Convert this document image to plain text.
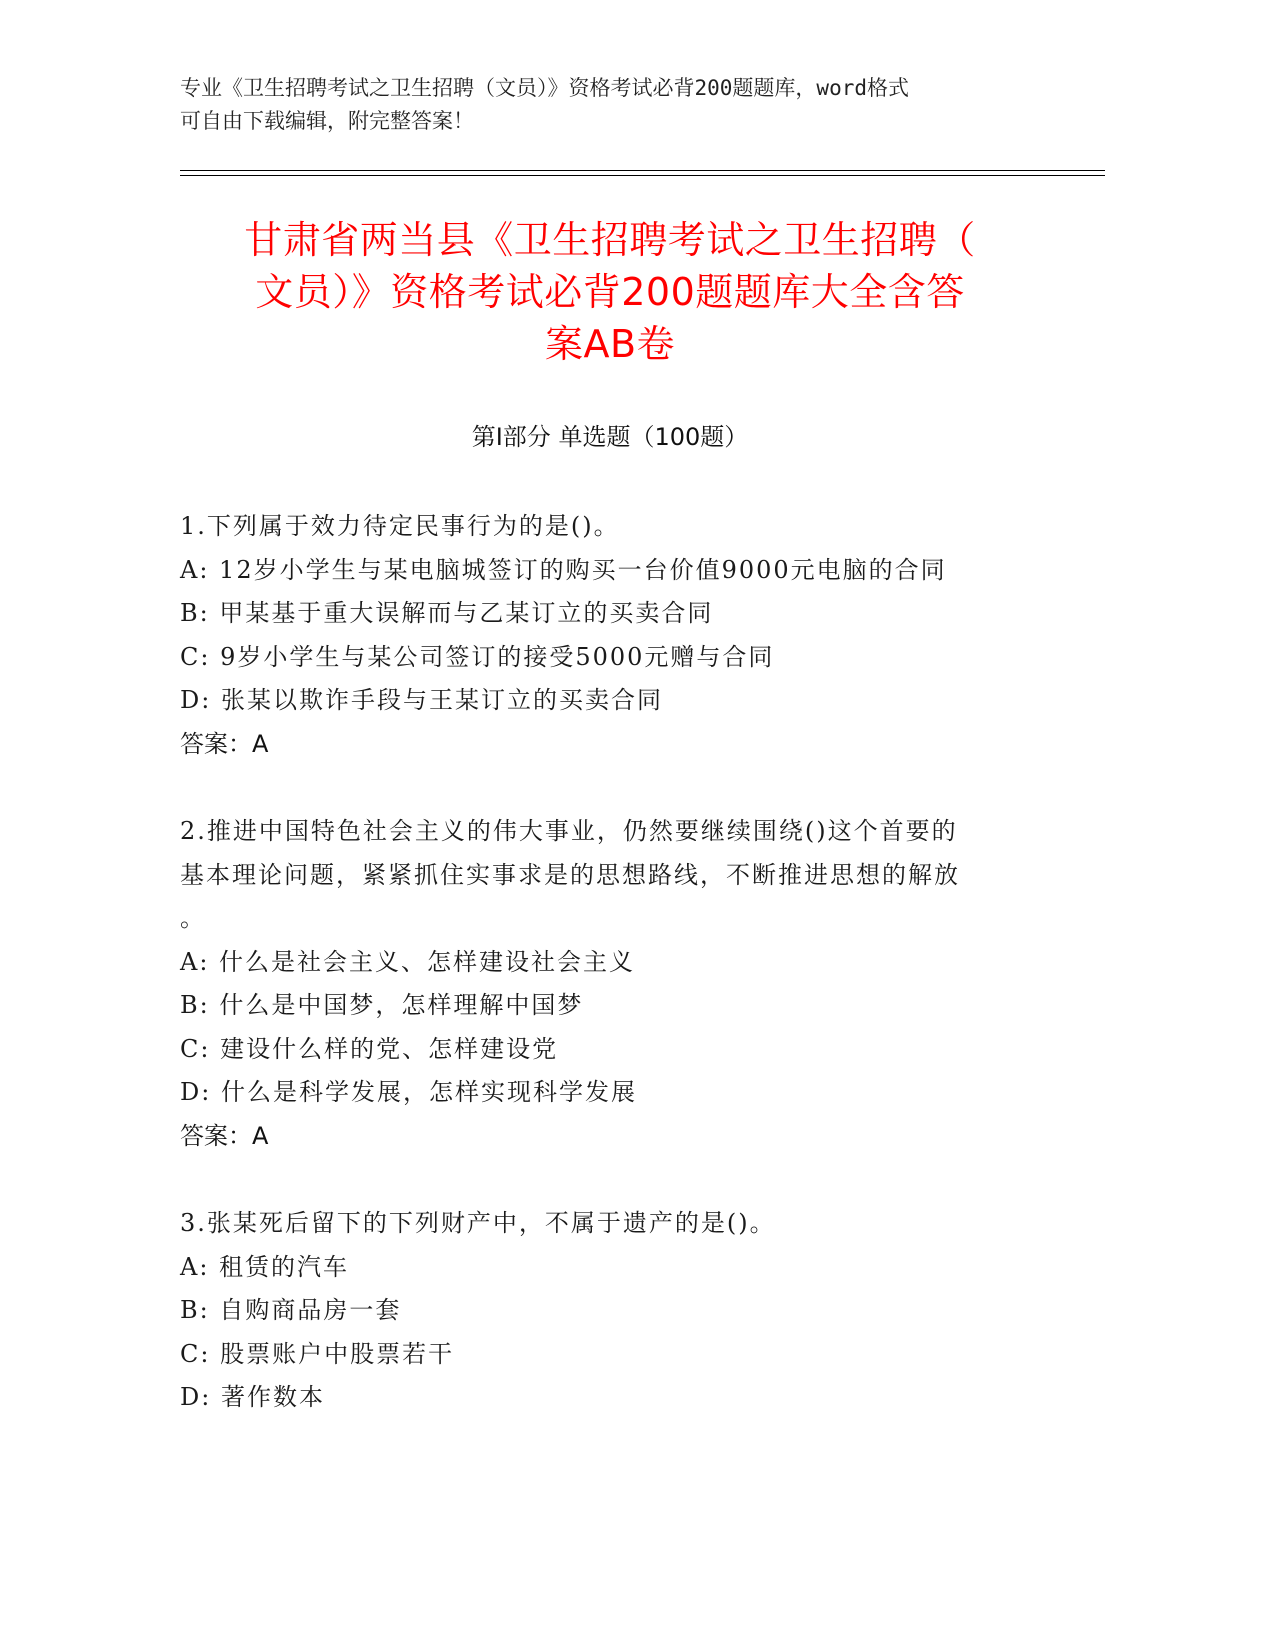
专业《卫生招聘考试之卫生招聘（文员）》资格考试必背200题题库，word格式
可自由下载编辑，附完整答案！
甘肃省两当县《卫生招聘考试之卫生招聘（
文员）》资格考试必背200题题库大全含答
案AB卷
第I部分 单选题（100题）
1.下列属于效力待定民事行为的是()。
A: 12岁小学生与某电脑城签订的购买一台价值9000元电脑的合同
B: 甲某基于重大误解而与乙某订立的买卖合同
C: 9岁小学生与某公司签订的接受5000元赠与合同
D: 张某以欺诈手段与王某订立的买卖合同
答案：A
2.推进中国特色社会主义的伟大事业，仍然要继续围绕()这个首要的
基本理论问题，紧紧抓住实事求是的思想路线，不断推进思想的解放
。
A: 什么是社会主义、怎样建设社会主义
B: 什么是中国梦，怎样理解中国梦
C: 建设什么样的党、怎样建设党
D: 什么是科学发展，怎样实现科学发展
答案：A
3.张某死后留下的下列财产中，不属于遗产的是()。
A: 租赁的汽车
B: 自购商品房一套
C: 股票账户中股票若干
D: 著作数本
